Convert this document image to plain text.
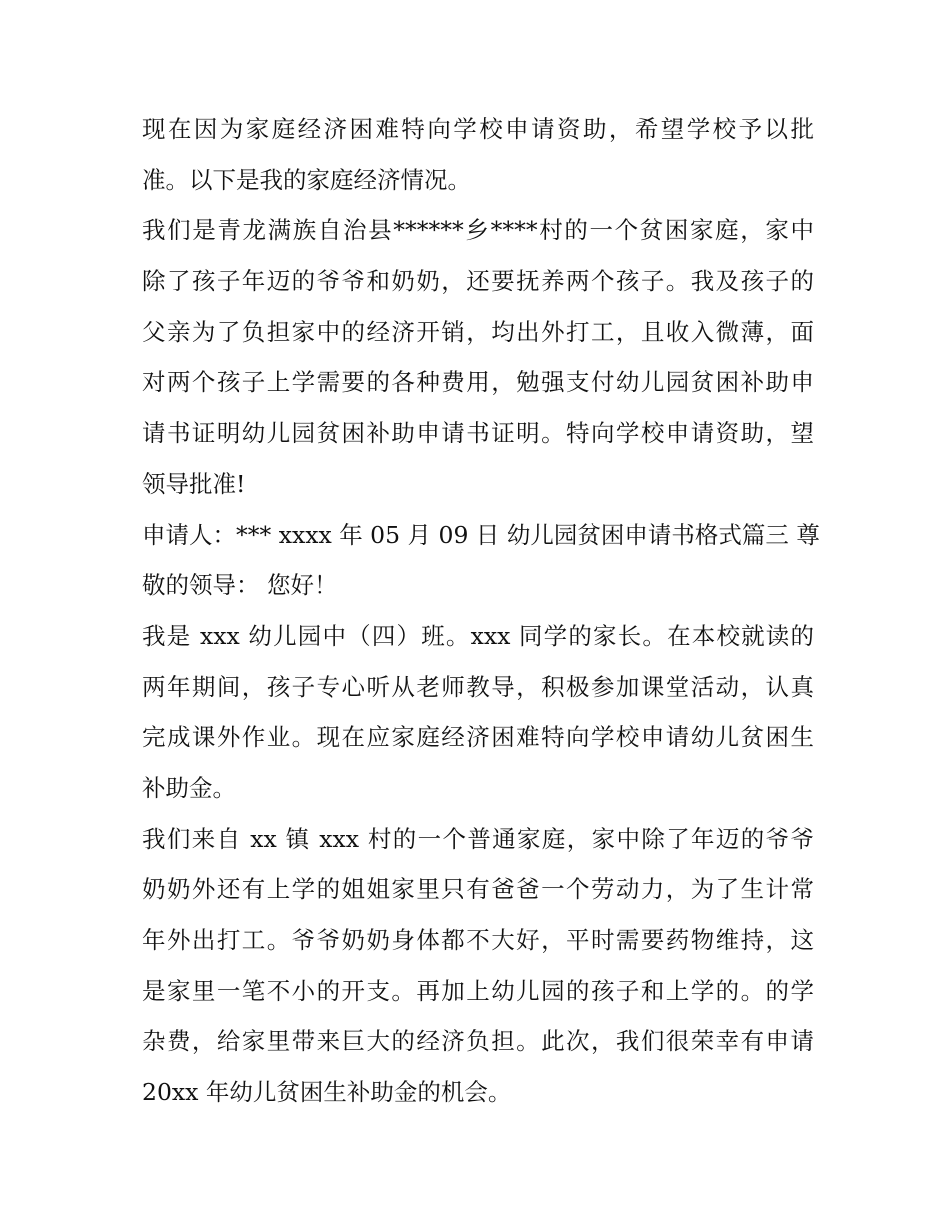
现在因为家庭经济困难特向学校申请资助，希望学校予以批
准。以下是我的家庭经济情况。
我们是青龙满族自治县******乡****村的一个贫困家庭，家中
除了孩子年迈的爷爷和奶奶，还要抚养两个孩子。我及孩子的
父亲为了负担家中的经济开销，均出外打工，且收入微薄，面
对两个孩子上学需要的各种费用，勉强支付幼儿园贫困补助申
请书证明幼儿园贫困补助申请书证明。特向学校申请资助，望
领导批准!
申请人：*** xxxx 年 05 月 09 日 幼儿园贫困申请书格式篇三 尊
敬的领导： 您好！
我是 xxx 幼儿园中（四）班。xxx 同学的家长。在本校就读的
两年期间，孩子专心听从老师教导，积极参加课堂活动，认真
完成课外作业。现在应家庭经济困难特向学校申请幼儿贫困生
补助金。
我们来自 xx 镇 xxx 村的一个普通家庭，家中除了年迈的爷爷
奶奶外还有上学的姐姐家里只有爸爸一个劳动力，为了生计常
年外出打工。爷爷奶奶身体都不大好，平时需要药物维持，这
是家里一笔不小的开支。再加上幼儿园的孩子和上学的。的学
杂费，给家里带来巨大的经济负担。此次，我们很荣幸有申请
20xx 年幼儿贫困生补助金的机会。
